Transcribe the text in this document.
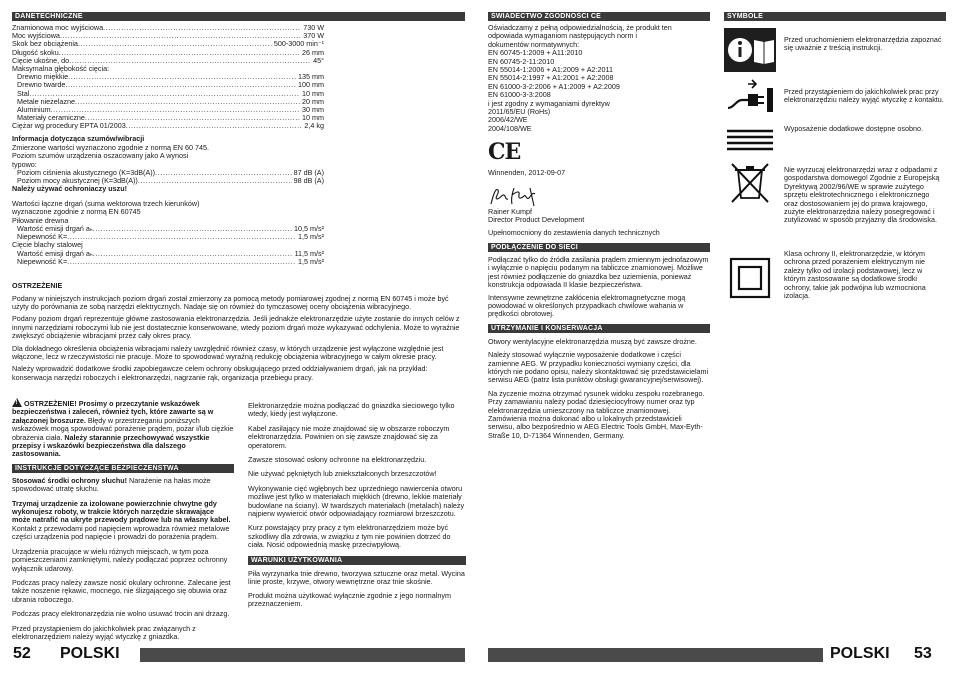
DANETECHNICZNE
Znamionowa moc wyjściowa .....	730 W
Moc wyjściowa .....	370 W
Skok bez obciążenia .....	500-3000 min⁻¹
Długość skoku .....	26 mm
Cięcie ukośne, do .....	45°
Maksymalna głębokość cięcia:
Drewno miękkie .....	135 mm
Drewno twarde .....	100 mm
Stal .....	10 mm
Metale nieżelazne .....	20 mm
Aluminium .....	30 mm
Materiały ceramiczne .....	10 mm
Ciężar wg procedury EPTA 01/2003 .....	2,4 kg
Informacja dotycząca szumów/wibracji
Zmierzone wartości wyznaczono zgodnie z normą EN 60 745.
Poziom szumów urządzenia oszacowany jako A wynosi
typowo:
Poziom ciśnienia akustycznego (K=3dB(A)) .....	87 dB (A)
Poziom mocy akustycznej (K=3dB(A)) .....	98 dB (A)
Należy używać ochroniaczy uszu!
Wartości łączne drgań (suma wektorowa trzech kierunków)
wyznaczone zgodnie z normą EN 60745
Piłowanie drewna
Wartość emisji drgań aₕ .....	10,5 m/s²
Niepewność K= .....	1,5 m/s²
Cięcie blachy stalowej
Wartość emisji drgań aₕ .....	11,5 m/s²
Niepewność K= .....	1,5 m/s²
OSTRZEŻENIE
Podany w niniejszych instrukcjach poziom drgań został zmierzony za pomocą metody pomiarowej zgodnej z normą EN 60745 i może być użyty do porównania ze sobą narzędzi elektrycznych. Nadaje się on również do tymczasowej oceny obciążenia wibracyjnego.
Podany poziom drgań reprezentuje główne zastosowania elektronarzędzia. Jeśli jednakże elektronarzędzie użyte zostanie do innych celów z innymi narzędziami roboczymi lub nie jest dostatecznie konserwowane, wtedy poziom drgań może wykazywać odchylenia. Może to wyraźnie zwiększyć obciążenie wibracjami przez cały okres pracy.
Dla dokładnego określenia obciążenia wibracjami należy uwzględnić również czasy, w których urządzenie jest wyłączone względnie jest włączone, lecz w rzeczywistości nie pracuje. Może to spowodować wyraźną redukcję obciążenia wibracyjnego w całym okresie pracy.
Należy wprowadzić dodatkowe środki zapobiegawcze celem ochrony obsługującego przed oddziaływaniem drgań, jak na przykład: konserwacja narzędzi roboczych i elektronarzędzi, nagrzanie rąk, organizacja przebiegu pracy.
!OSTRZEŻENIE! Prosimy o przeczytanie wskazówek bezpieczeństwa i zaleceń, również tych, które zawarte są w załączonej broszurze. Błędy w przestrzeganiu poniższych wskazówek mogą spowodować porażenie prądem, pożar i/lub ciężkie obrażenia ciała. Należy starannie przechowywać wszystkie przepisy i wskazówki bezpieczeństwa dla dalszego zastosowania.
INSTRUKCJE DOTYCZĄCE BEZPIECZEŃSTWA
Stosować środki ochrony słuchu! Narażenie na hałas może spowodować utratę słuchu.
Trzymaj urządzenie za izolowane powierzchnie chwytne gdy wykonujesz roboty, w trakcie których narzędzie skrawające może natrafić na ukryte przewody prądowe lub na własny kabel. Kontakt z przewodami pod napięciem wprowadza również metalowe części urządzenia pod napięcie i prowadzi do porażenia prądem.
Urządzenia pracujące w wielu różnych miejscach, w tym poza pomieszczeniami zamkniętymi, należy podłączać poprzez ochronny wyłącznik udarowy.
Podczas pracy należy zawsze nosić okulary ochronne. Zalecane jest także noszenie rękawic, mocnego, nie ślizgającego się obuwia oraz ubrania roboczego.
Podczas pracy elektronarzędzia nie wolno usuwać trocin ani drzazg.
Przed przystąpieniem do jakichkolwiek prac związanych z elektronarzędziem należy wyjąć wtyczkę z gniazdka.
Elektronarzędzie można podłączać do gniazdka sieciowego tylko wtedy, kiedy jest wyłączone.
Kabel zasilający nie może znajdować się w obszarze roboczym elektronarzędzia. Powinien on się zawsze znajdować się za operatorem.
Zawsze stosować osłony ochronne na elektronarzędziu.
Nie używać pękniętych lub zniekształconych brzeszczotów!
Wykonywanie cięć wgłębnych bez uprzedniego nawiercenia otworu możliwe jest tylko w materiałach miękkich (drewno, lekkie materiały budowlane na ściany). W twardszych materiałach (metalach) należy najpierw wywiercić otwór odpowiadający rozmiarowi brzeszczotu.
Kurz powstający przy pracy z tym elektronarzędziem może być szkodliwy dla zdrowia, w związku z tym nie powinien dotrzeć do ciała. Nosić odpowiednią maskę przeciwpyłową.
WARUNKI UŻYTKOWANIA
Piła wyrzynarka tnie drewno, tworzywa sztuczne oraz metal. Wycina linie proste, krzywe, otwory wewnętrzne oraz tnie skośnie.
Produkt można użytkować wyłącznie zgodnie z jego normalnym przeznaczeniem.
52 POLSKI
ŚWIADECTWO ZGODNOŚCI CE
Oświadczamy z pełną odpowiedzialnością, że produkt ten
odpowiada wymaganiom następujących norm i
dokumentów normatywnych:
EN 60745-1:2009 + A11:2010
EN 60745-2-11:2010
EN 55014-1:2006 + A1:2009 + A2:2011
EN 55014-2:1997 + A1:2001 + A2:2008
EN 61000-3-2:2006 + A1:2009 + A2:2009
EN 61000-3-3:2008
i jest zgodny z wymaganiami dyrektyw
2011/65/EU (RoHs)
2006/42/WE
2004/108/WE
CE
Winnenden, 2012-09-07
Rainer Kumpf
Director Product Development
Upełnomocniony do zestawienia danych technicznych
PODŁĄCZENIE DO SIECI
Podłączać tylko do źródła zasilania prądem zmiennym jednofazowym i wyłącznie o napięciu podanym na tabliczce znamionowej. Możliwe jest również podłączenie do gniazdka bez uziemienia, ponieważ konstrukcja odpowiada II klasie bezpieczeństwa.
Intensywne zewnętrzne zakłócenia elektromagnetyczne mogą powodować w określonych przypadkach chwilowe wahania w prędkości obrotowej.
UTRZYMANIE I KONSERWACJA
Otwory wentylacyjne elektronarzędzia muszą być zawsze drożne.
Należy stosować wyłącznie wyposażenie dodatkowe i części zamienne AEG. W przypadku konieczności wymiany części, dla których nie podano opisu, należy skontaktować się przedstawicielami serwisu AEG (patrz lista punktów obsługi gwarancyjnej/serwisowej).
Na życzenie można otrzymać rysunek widoku zespołu rozebranego. Przy zamawianiu należy podać dziesięciocyfrowy numer oraz typ elektronarzędzia umieszczony na tabliczce znamionowej. Zamówienia można dokonać albo u lokalnych przedstawicieli serwisu, albo bezpośrednio w AEG Electric Tools GmbH, Max-Eyth-Straße 10, D-71364 Winnenden, Germany.
SYMBOLE
Przed uruchomieniem elektronarzędzia zapoznać się uważnie z treścią instrukcji.
Przed przystąpieniem do jakichkolwiek prac przy elektronarzędziu należy wyjąć wtyczkę z kontaktu.
Wyposażenie dodatkowe dostępne osobno.
Nie wyrzucaj elektronarzędzi wraz z odpadami z gospodarstwa domowego! Zgodnie z Europejską Dyrektywą 2002/96/WE w sprawie zużytego sprzętu elektrotechnicznego i elektronicznego oraz dostosowaniem jej do prawa krajowego, zużyte elektronarzędzia należy posegregować i zutylizować w sposób przyjazny dla środowiska.
Klasa ochrony II, elektronarzędzie, w którym ochrona przed porażeniem elektrycznym nie zależy tylko od izolacji podstawowej, lecz w którym zastosowane są dodatkowe środki ochrony, takie jak podwójna lub wzmocniona izolacja.
POLSKI 53
